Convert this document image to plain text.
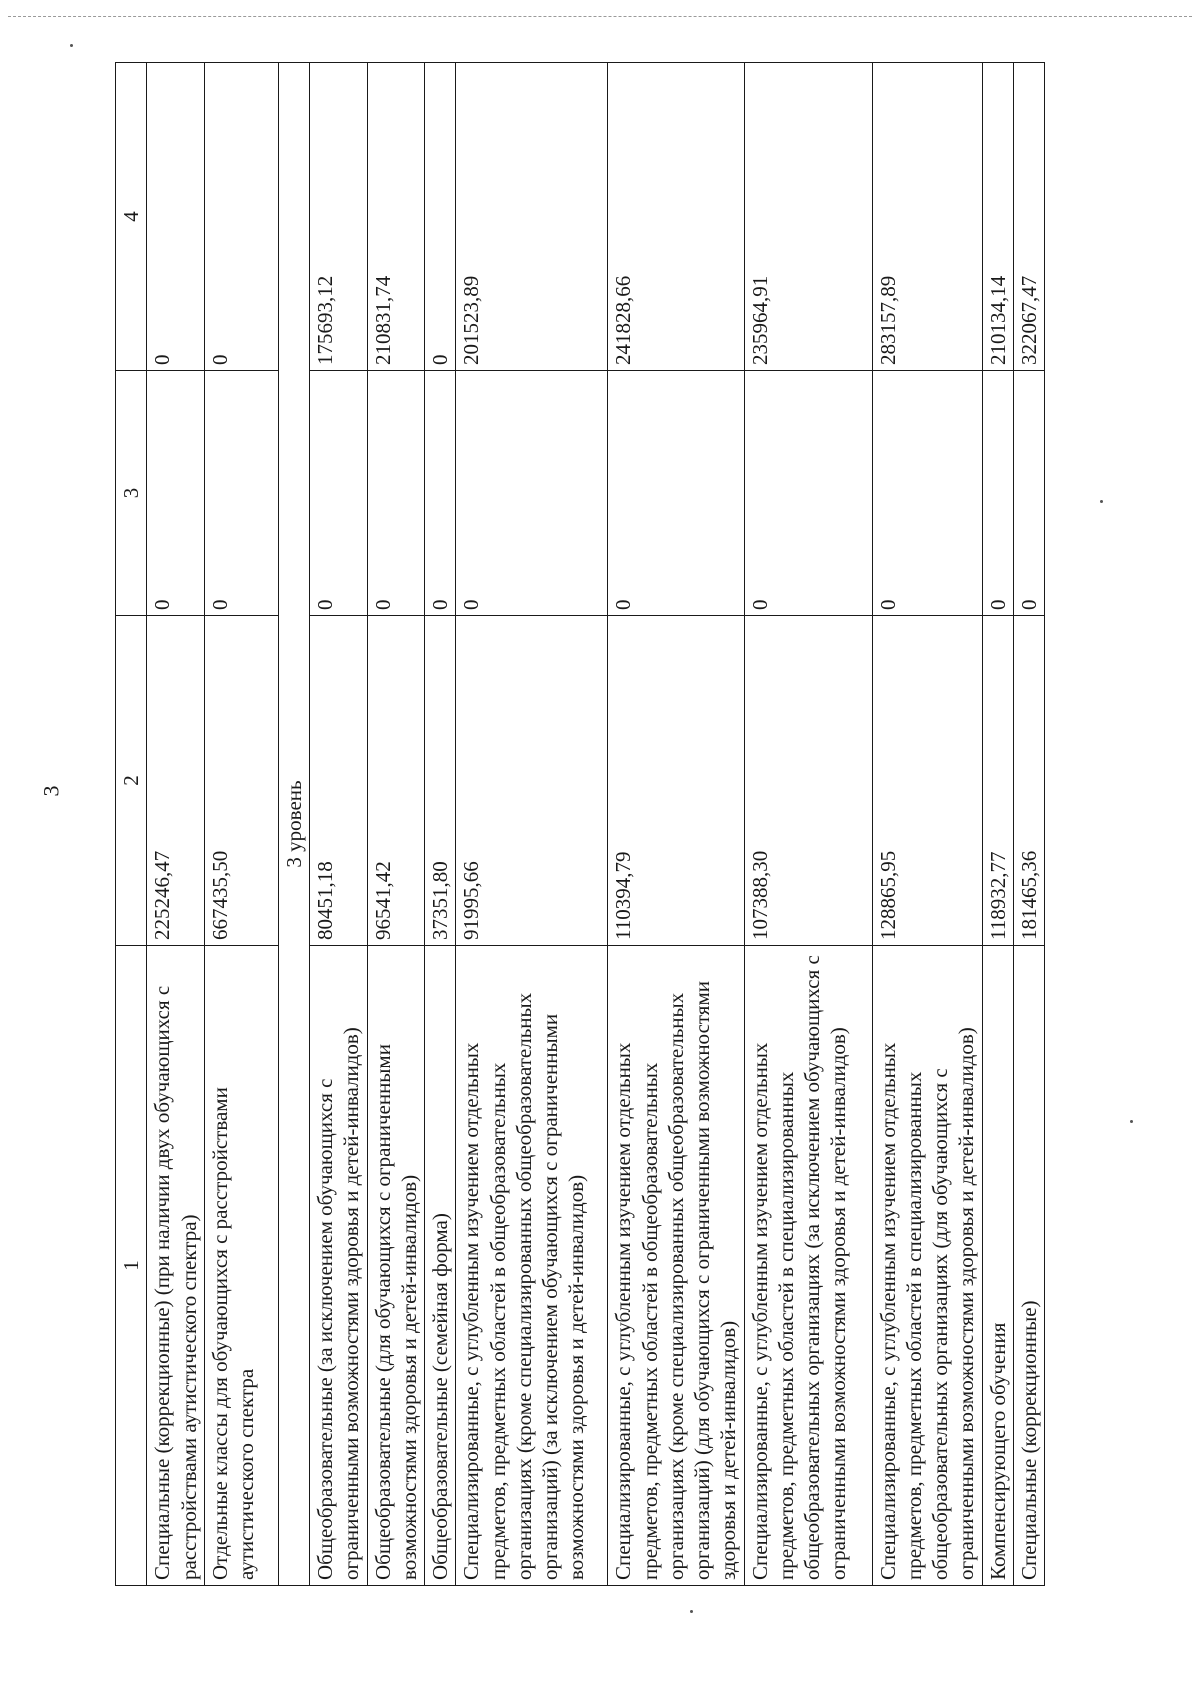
3
1	2	3	4
Специальные (коррекционные) (при наличии двух обучающихся с расстройствами аутистического спектра)	225246,47	0	0
Отдельные классы для обучающихся с расстройствами аутистического спектра	667435,50	0	0
3 уровень			
Общеобразовательные (за исключением обучающихся с ограниченными возможностями здоровья и детей-инвалидов)	80451,18	0	175693,12
Общеобразовательные (для обучающихся с ограниченными возможностями здоровья и детей-инвалидов)	96541,42	0	210831,74
Общеобразовательные (семейная форма)	37351,80	0	0
Специализированные, с углубленным изучением отдельных предметов, предметных областей в общеобразовательных организациях (кроме специализированных общеобразовательных организаций) (за исключением обучающихся с ограниченными возможностями здоровья и детей-инвалидов)	91995,66	0	201523,89
Специализированные, с углубленным изучением отдельных предметов, предметных областей в общеобразовательных организациях (кроме специализированных общеобразовательных организаций) (для обучающихся с ограниченными возможностями здоровья и детей-инвалидов)	110394,79	0	241828,66
Специализированные, с углубленным изучением отдельных предметов, предметных областей в специализированных общеобразовательных организациях (за исключением обучающихся с ограниченными возможностями здоровья и детей-инвалидов)	107388,30	0	235964,91
Специализированные, с углубленным изучением отдельных предметов, предметных областей в специализированных общеобразовательных организациях (для обучающихся с ограниченными возможностями здоровья и детей-инвалидов)	128865,95	0	283157,89
Компенсирующего обучения	118932,77	0	210134,14
Специальные (коррекционные)	181465,36	0	322067,47
